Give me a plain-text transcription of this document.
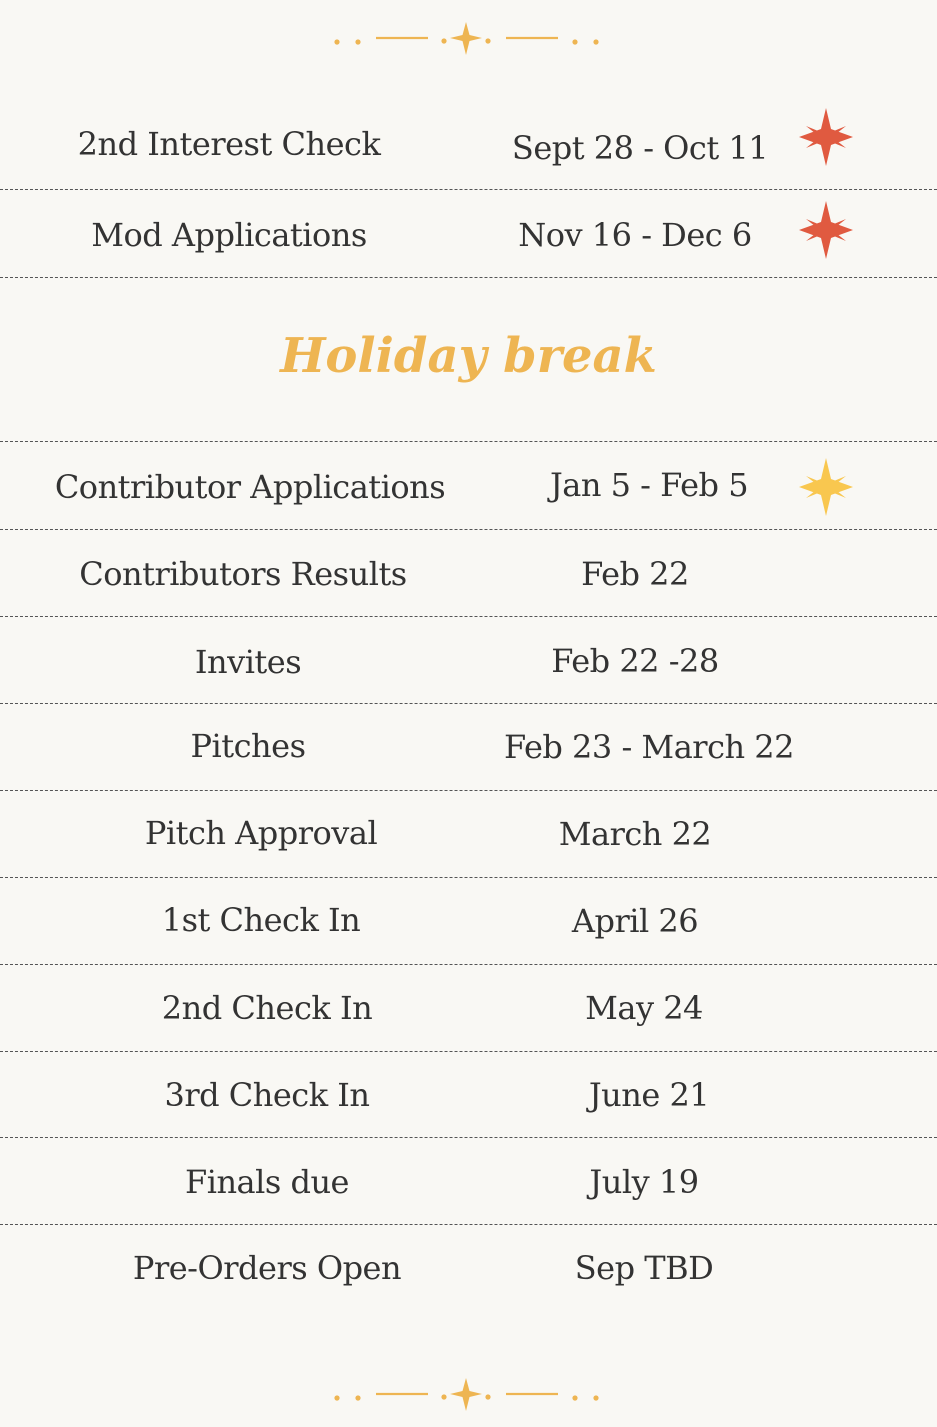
2nd Interest Check	Sept 28 - Oct 11
Mod Applications	Nov 16 - Dec 6
Holiday break
Contributor Applications	Jan 5 - Feb 5
Contributors Results	Feb 22
Invites	Feb 22 -28
Pitches	Feb 23 - March 22
Pitch Approval	March 22
1st Check In	April 26
2nd Check In	May 24
3rd Check In	June 21
Finals due	July 19
Pre-Orders Open	Sep TBD
